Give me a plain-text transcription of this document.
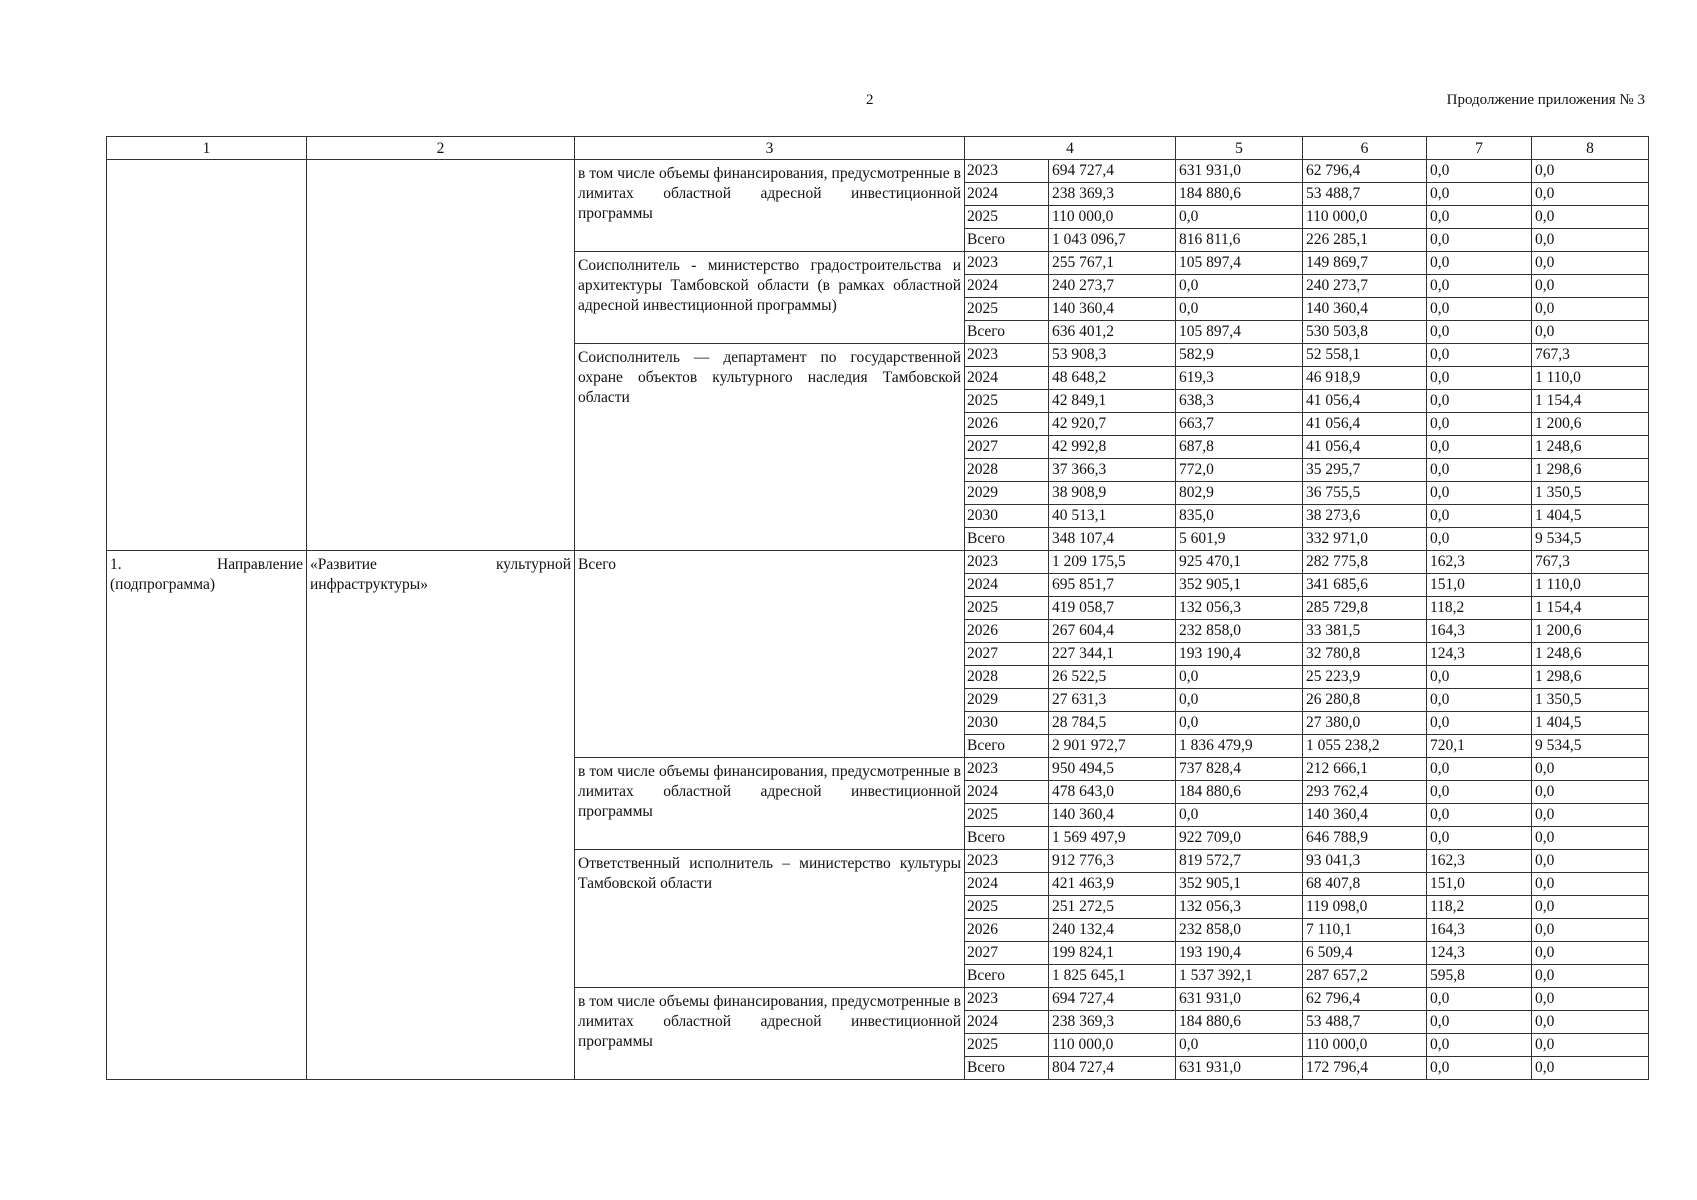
2	Продолжение приложения № 3
1	2	3	4		5	6	7	8
		в том числе объемы финансирования, предусмотренные в лимитах областной адресной инвестиционной программы	2023	694 727,4	631 931,0	62 796,4	0,0	0,0
			2024	238 369,3	184 880,6	53 488,7	0,0	0,0
			2025	110 000,0	0,0	110 000,0	0,0	0,0
			Всего	1 043 096,7	816 811,6	226 285,1	0,0	0,0
		Соисполнитель - министерство градостроительства и архитектуры Тамбовской области (в рамках областной адресной инвестиционной программы)	2023	255 767,1	105 897,4	149 869,7	0,0	0,0
			2024	240 273,7	0,0	240 273,7	0,0	0,0
			2025	140 360,4	0,0	140 360,4	0,0	0,0
			Всего	636 401,2	105 897,4	530 503,8	0,0	0,0
		Соисполнитель — департамент по государственной охране объектов культурного наследия Тамбовской области	2023	53 908,3	582,9	52 558,1	0,0	767,3
			2024	48 648,2	619,3	46 918,9	0,0	1 110,0
			2025	42 849,1	638,3	41 056,4	0,0	1 154,4
			2026	42 920,7	663,7	41 056,4	0,0	1 200,6
			2027	42 992,8	687,8	41 056,4	0,0	1 248,6
			2028	37 366,3	772,0	35 295,7	0,0	1 298,6
			2029	38 908,9	802,9	36 755,5	0,0	1 350,5
			2030	40 513,1	835,0	38 273,6	0,0	1 404,5
			Всего	348 107,4	5 601,9	332 971,0	0,0	9 534,5
1. Направление (подпрограмма)	«Развитие культурной инфраструктуры»	Всего	2023	1 209 175,5	925 470,1	282 775,8	162,3	767,3
			2024	695 851,7	352 905,1	341 685,6	151,0	1 110,0
			2025	419 058,7	132 056,3	285 729,8	118,2	1 154,4
			2026	267 604,4	232 858,0	33 381,5	164,3	1 200,6
			2027	227 344,1	193 190,4	32 780,8	124,3	1 248,6
			2028	26 522,5	0,0	25 223,9	0,0	1 298,6
			2029	27 631,3	0,0	26 280,8	0,0	1 350,5
			2030	28 784,5	0,0	27 380,0	0,0	1 404,5
			Всего	2 901 972,7	1 836 479,9	1 055 238,2	720,1	9 534,5
		в том числе объемы финансирования, предусмотренные в лимитах областной адресной инвестиционной программы	2023	950 494,5	737 828,4	212 666,1	0,0	0,0
			2024	478 643,0	184 880,6	293 762,4	0,0	0,0
			2025	140 360,4	0,0	140 360,4	0,0	0,0
			Всего	1 569 497,9	922 709,0	646 788,9	0,0	0,0
		Ответственный исполнитель – министерство культуры Тамбовской области	2023	912 776,3	819 572,7	93 041,3	162,3	0,0
			2024	421 463,9	352 905,1	68 407,8	151,0	0,0
			2025	251 272,5	132 056,3	119 098,0	118,2	0,0
			2026	240 132,4	232 858,0	7 110,1	164,3	0,0
			2027	199 824,1	193 190,4	6 509,4	124,3	0,0
			Всего	1 825 645,1	1 537 392,1	287 657,2	595,8	0,0
		в том числе объемы финансирования, предусмотренные в лимитах областной адресной инвестиционной программы	2023	694 727,4	631 931,0	62 796,4	0,0	0,0
			2024	238 369,3	184 880,6	53 488,7	0,0	0,0
			2025	110 000,0	0,0	110 000,0	0,0	0,0
			Всего	804 727,4	631 931,0	172 796,4	0,0	0,0
